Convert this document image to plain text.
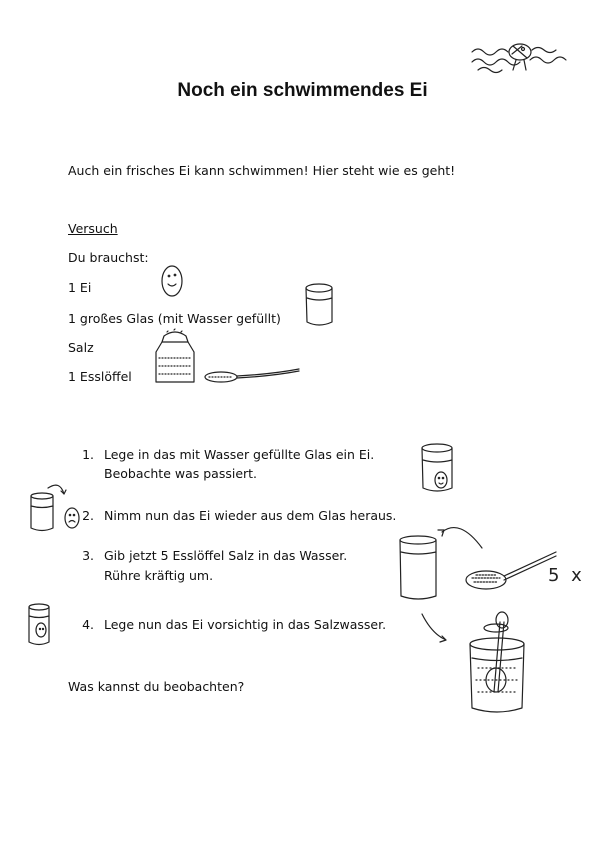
Noch ein schwimmendes Ei
Auch ein frisches Ei kann schwimmen! Hier steht wie es geht!
Versuch
Du brauchst:
1 Ei
1 großes Glas (mit Wasser gefüllt)
Salz
1 Esslöffel
1. Lege in das mit Wasser gefüllte Glas ein Ei.
Beobachte was passiert.
2. Nimm nun das Ei wieder aus dem Glas heraus.
3. Gib jetzt 5 Esslöffel Salz in das Wasser.
Rühre kräftig um.	5 x
4. Lege nun das Ei vorsichtig in das Salzwasser.
Was kannst du beobachten?
